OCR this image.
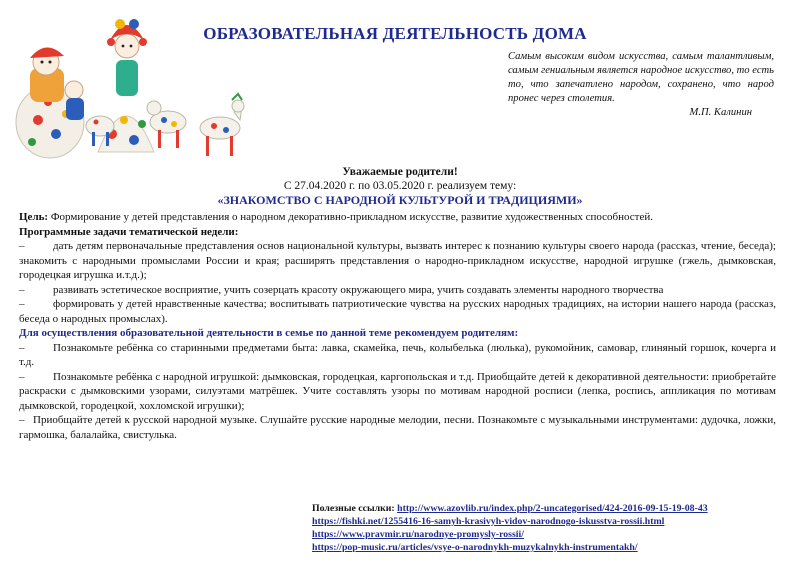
ОБРАЗОВАТЕЛЬНАЯ ДЕЯТЕЛЬНОСТЬ ДОМА
Самым высоким видом искусства, самым талантливым, самым гениальным является народное искусство, то есть то, что запечатлено народом, сохранено, что народ пронес через столетия.
М.П. Калинин
Уважаемые родители!
С 27.04.2020 г. по 03.05.2020 г. реализуем тему:
«ЗНАКОМСТВО С НАРОДНОЙ КУЛЬТУРОЙ И ТРАДИЦИЯМИ»

Цель: Формирование у детей представления о народном декоративно-прикладном искусстве, развитие художественных способностей.

Программные задачи тематической недели:

–	дать детям первоначальные представления основ национальной культуры, вызвать интерес к познанию культуры своего народа (рассказ, чтение, беседа); знакомить с народными промыслами России и края; расширять представления о народно-прикладном искусстве, народной игрушке (гжель, дымковская, городецкая игрушка и.т.д.);

–	развивать эстетическое восприятие, учить созерцать красоту окружающего мира, учить создавать элементы народного творчества

–	формировать у детей нравственные качества; воспитывать патриотические чувства на русских народных традициях, на истории нашего народа (рассказ, беседа о народных промыслах).

Для осуществления образовательной деятельности в семье по данной теме рекомендуем родителям:

–	Познакомьте ребёнка со старинными предметами быта: лавка, скамейка, печь, колыбелька (люлька), рукомойник, самовар, глиняный горшок, кочерга и т.д.

–	Познакомьте ребёнка с народной игрушкой: дымковская, городецкая, каргопольская и т.д. Приобщайте детей к декоративной деятельности: приобретайте раскраски с дымковскими узорами, силуэтами матрёшек. Учите составлять узоры по мотивам народной росписи (лепка, роспись, аппликация по мотивам дымковской, городецкой, хохломской игрушки);

– Приобщайте детей к русской народной музыке. Слушайте русские народные мелодии, песни. Познакомьте с музыкальными инструментами: дудочка, ложки, гармошка, балалайка, свистулька.

Полезные ссылки: http://www.azovlib.ru/index.php/2-uncategorised/424-2016-09-15-19-08-43
https://fishki.net/1255416-16-samyh-krasivyh-vidov-narodnogo-iskusstva-rossii.html
https://www.pravmir.ru/narodnye-promysly-rossii/
https://pop-music.ru/articles/vsye-o-narodnykh-muzykalnykh-instrumentakh/
